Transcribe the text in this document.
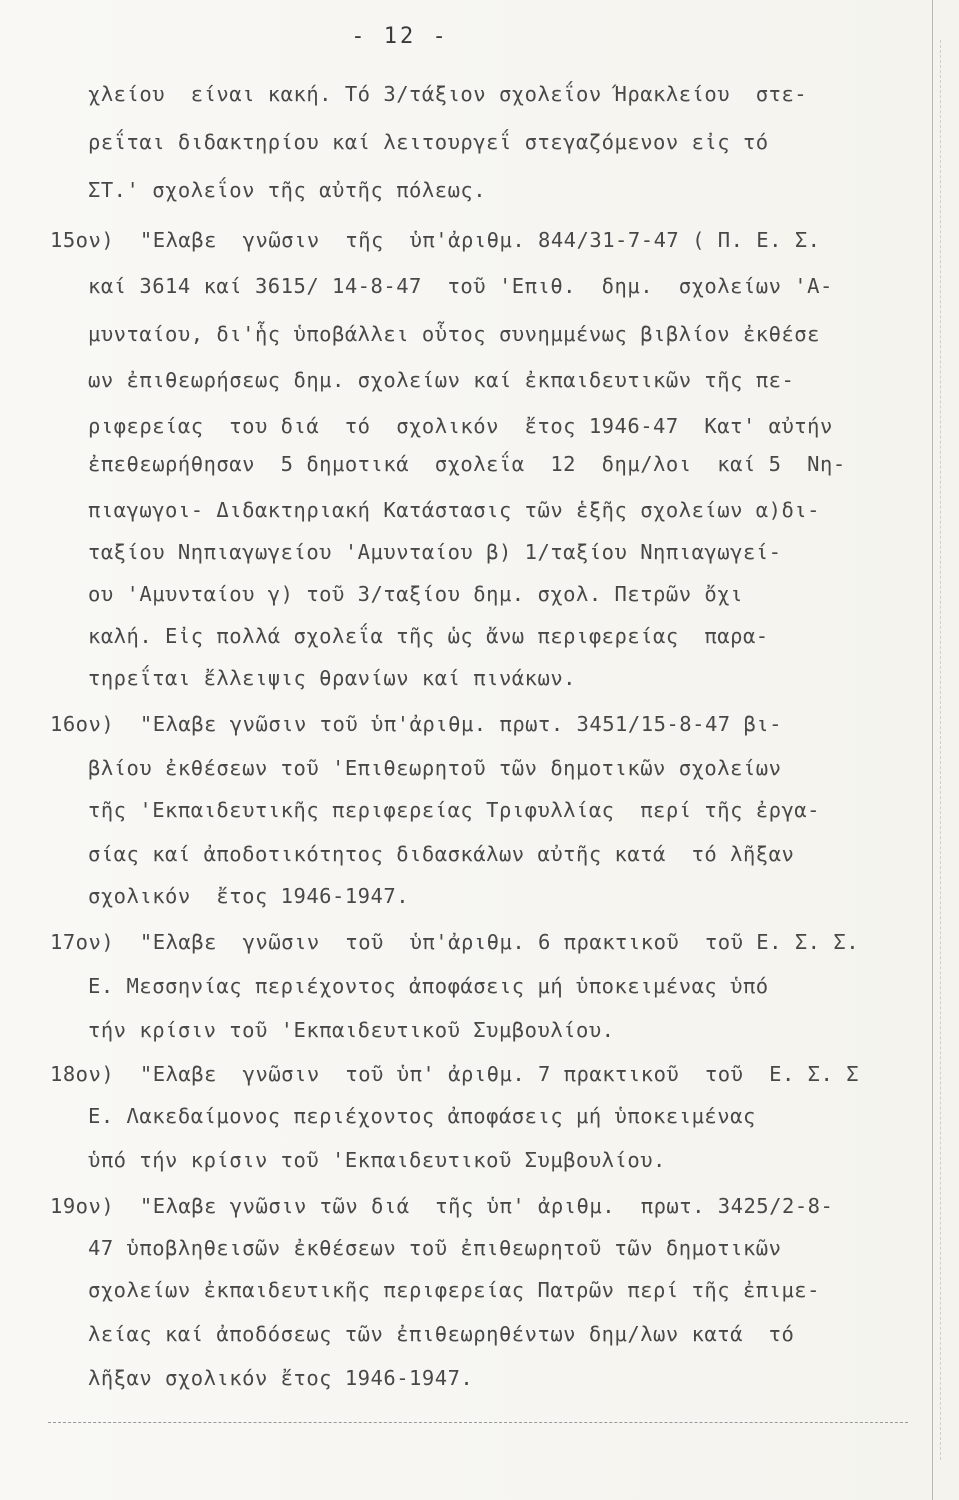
- 12 -
χλείου  είναι κακή. Τό 3/τάξιον σχολεΐον Ήρακλείου  στε-
ρεΐται διδακτηρίου καί λειτουργεΐ στεγαζόμενον εἰς τό
ΣΤ.' σχολεΐον τῆς αὐτῆς πόλεως.
15ον)  "Ελαβε  γνῶσιν  τῆς  ὑπ'ἀριθμ. 844/31-7-47 ( Π. Ε. Σ.
καί 3614 καί 3615/ 14-8-47  τοῦ 'Επιθ.  δημ.  σχολείων 'Α-
μυνταίου, δι'ἧς ὑποβάλλει οὗτος συνημμένως βιβλίον ἐκθέσε
ων ἐπιθεωρήσεως δημ. σχολείων καί ἐκπαιδευτικῶν τῆς πε-
ριφερείας  του διά  τό  σχολικόν  ἔτος 1946-47  Κατ' αὐτήν
ἐπεθεωρήθησαν  5 δημοτικά  σχολεΐα  12  δημ/λοι  καί 5  Νη-
πιαγωγοι- Διδακτηριακή Κατάστασις τῶν ἑξῆς σχολείων α)δι-
ταξίου Νηπιαγωγείου 'Αμυνταίου β) 1/ταξίου Νηπιαγωγεί-
ου 'Αμυνταίου γ) τοῦ 3/ταξίου δημ. σχολ. Πετρῶν ὄχι
καλή. Εἰς πολλά σχολεΐα τῆς ὡς ἄνω περιφερείας  παρα-
τηρεΐται ἔλλειψις θρανίων καί πινάκων.
16ον)  "Ελαβε γνῶσιν τοῦ ὑπ'ἀριθμ. πρωτ. 3451/15-8-47 βι-
βλίου ἐκθέσεων τοῦ 'Επιθεωρητοῦ τῶν δημοτικῶν σχολείων
τῆς 'Εκπαιδευτικῆς περιφερείας Τριφυλλίας  περί τῆς ἐργα-
σίας καί ἀποδοτικότητος διδασκάλων αὐτῆς κατά  τό λῆξαν
σχολικόν  ἔτος 1946-1947.
17ον)  "Ελαβε  γνῶσιν  τοῦ  ὑπ'ἀριθμ. 6 πρακτικοῦ  τοῦ Ε. Σ. Σ.
Ε. Μεσσηνίας περιέχοντος ἀποφάσεις μή ὑποκειμένας ὑπό
τήν κρίσιν τοῦ 'Εκπαιδευτικοῦ Συμβουλίου.
18ον)  "Ελαβε  γνῶσιν  τοῦ ὑπ' ἀριθμ. 7 πρακτικοῦ  τοῦ  Ε. Σ. Σ
Ε. Λακεδαίμονος περιέχοντος ἀποφάσεις μή ὑποκειμένας
ὑπό τήν κρίσιν τοῦ 'Εκπαιδευτικοῦ Συμβουλίου.
19ον)  "Ελαβε γνῶσιν τῶν διά  τῆς ὑπ' ἀριθμ.  πρωτ. 3425/2-8-
47 ὑποβληθεισῶν ἐκθέσεων τοῦ ἐπιθεωρητοῦ τῶν δημοτικῶν
σχολείων ἐκπαιδευτικῆς περιφερείας Πατρῶν περί τῆς ἐπιμε-
λείας καί ἀποδόσεως τῶν ἐπιθεωρηθέντων δημ/λων κατά  τό
λῆξαν σχολικόν ἔτος 1946-1947.
